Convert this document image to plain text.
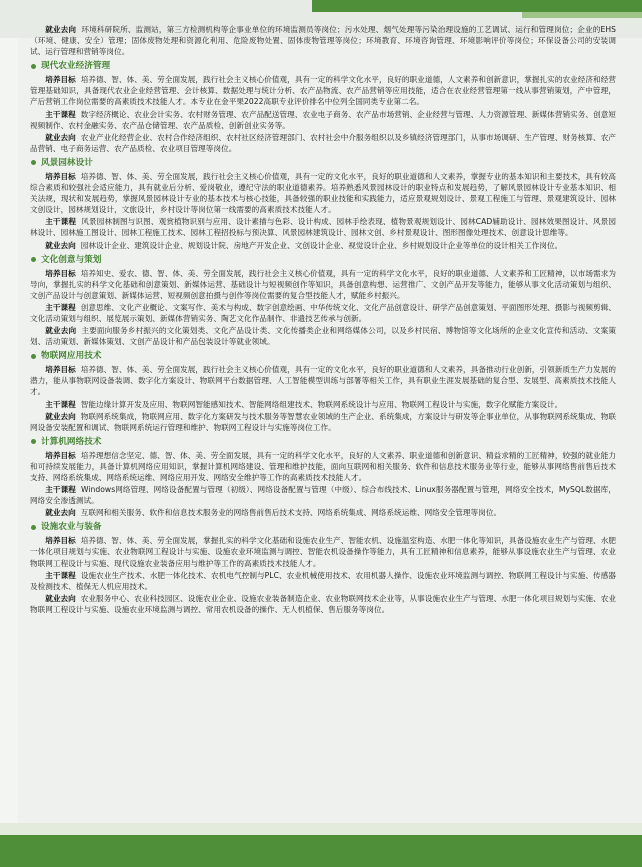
就业去向 环境科研院所、监测站，第三方检测机构等企事业单位的环境监测员等岗位；污水处理、烟气处理等污染治理设施的工艺调试、运行和管理岗位；企业的EHS（环境、健康、安全）管理；固体废物处理和资源化利用、危险废物处置、固体废物管理等岗位；环境教育、环境咨询管理、环境影响评价等岗位；环保设备公司的安装调试、运行管理和营销等岗位。

现代农业经济管理

培养目标 培养德、智、体、美、劳全面发展，践行社会主义核心价值观，具有一定的科学文化水平，良好的职业道德，人文素养和创新意识，掌握扎实的农业经济和经营管理基础知识，具备现代农业企业经营管理、会计核算、数据处理与统计分析、农产品物流、农产品营销等应用技能，适合在农业经营管理第一线从事营销策划，产中管理，产后营销工作岗位需要的高素质技术技能人才。本专业在金平果2022高职专业评价排名中位列全国同类专业第二名。

主干课程 数字经济概论、农业会计实务、农村财务管理、农产品配送管理、农业电子商务、农产品市场营销、企业经营与管理、人力资源管理、新媒体营销实务、创意短视频制作、农村金融实务、农产品仓储管理、农产品质检、创新创业实务等。

就业去向 农业产业化经营企业、农村合作经济组织、农村社区经济管理部门、农村社会中介服务组织以及乡镇经济管理部门，从事市场调研、生产管理、财务核算、农产品营销、电子商务运营、农产品质检、农业项目管理等岗位。

风景园林设计

培养目标 培养德、智、体、美、劳全面发展，践行社会主义核心价值观，具有一定的文化水平，良好的职业道德和人文素养，掌握专业的基本知识和主要技术，具有较高综合素质和较强社会适应能力，具有就业后分析、爱岗敬业，遵纪守法的职业道德素养。培养熟悉风景园林设计的职业特点和发展趋势，了解风景园林设计专业基本知识、相关法规，现状和发展趋势，掌握风景园林设计专业的基本技术与核心技能，具备较强的职业技能和实践能力，适应景观规划设计、景观工程施工与管理、景观建筑设计、园林文创设计，园林规划设计，文旅设计，乡村设计等岗位第一线需要的高素质技术技能人才。

主干课程 风景园林制图与识图、观赏植物识别与应用、设计素描与色彩、设计构成、园林手绘表现、植物景观规划设计、园林CAD辅助设计、园林效果图设计、风景园林设计、园林施工图设计、园林工程施工技术、园林工程招投标与预决算、风景园林建筑设计、园林文创、乡村景观设计、图形图像处理技术、创意设计思维等。

就业去向 园林设计企业、建筑设计企业、规划设计院、房地产开发企业、文创设计企业、视觉设计企业、乡村规划设计企业等单位的设计相关工作岗位。

文化创意与策划

培养目标 培养知史、爱农、德、智、体、美、劳全面发展，践行社会主义核心价值观，具有一定的科学文化水平，良好的职业道德、人文素养和工匠精神，以市场需求为导向，掌握扎实的科学文化基础和创意策划、新媒体运营、基础设计与短视频创作等知识，具备创意构想、运营推广、文创产品开发等能力，能够从事文化活动策划与组织、文创产品设计与创意策划、新媒体运营、短视频创意拍摄与创作等岗位需要的复合型技能人才，赋能乡村振兴。

主干课程 创意思维、文化产业概论、文案写作、美术与构成、数字创意绘画、中华传统文化、文化产品创意设计、研学产品创意策划、平面图形处理、摄影与视频剪辑、文化活动策划与组织、展览展示策划、新媒体营销实务、陶艺文化作品制作、非遗技艺传承与创新。

就业去向 主要面向服务乡村振兴的文化策划类、文化产品设计类、文化传播类企业和网络媒体公司，以及乡村民宿、博物馆等文化场所的企业文化宣传和活动、文案策划、活动策划、新媒体策划、文创产品设计和产品包装设计等就业领域。

物联网应用技术

培养目标 培养德、智、体、美、劳全面发展，践行社会主义核心价值观，具有一定的文化水平，良好的职业道德和人文素养，具备推动行业创新，引领新质生产力发展的潜力，能从事物联网设备装调、数字化方案设计、物联网平台数据管理、人工智能模型训练与部署等相关工作，具有职业生涯发展基础的复合型、发展型、高素质技术技能人才。

主干课程 智能边缘计算开发及应用、物联网智能感知技术、智能网络组建技术、物联网系统设计与应用、物联网工程设计与实施，数字化赋能方案设计。

就业去向 物联网系统集成，物联网应用、数字化方案研发与技术服务等智慧农业领域的生产企业、系统集成，方案设计与研发等企事业单位，从事物联网系统集成、物联网设备安装配置和调试、物联网系统运行管理和维护、物联网工程设计与实施等岗位工作。

计算机网络技术

培养目标 培养理想信念坚定、德、智、体、美、劳全面发展，具有一定的科学文化水平，良好的人文素养、职业道德和创新意识、精益求精的工匠精神，较强的就业能力和可持续发展能力，具备计算机网络应用知识，掌握计算机网络建设、管理和维护技能，面向互联网和相关服务、软件和信息技术服务业等行业，能够从事网络售前售后技术支持、网络系统集成、网络系统运维、网络应用开发、网络安全维护等工作的高素质技术技能人才。

主干课程 Windows网络管理、网络设备配置与管理（初级）、网络设备配置与管理（中级）、综合布线技术、Linux服务器配置与管理，网络安全技术，MySQL数据库，网络安全渗透测试。

就业去向 互联网和相关服务、软件和信息技术服务业的网络售前售后技术支持、网络系统集成、网络系统运维、网络安全管理等岗位。

设施农业与装备

培养目标 培养德、智、体、美、劳全面发展，掌握扎实的科学文化基础和设施农业生产、智能农机、设施温室构造、水肥一体化等知识，具备设施农业生产与管理、水肥一体化项目规划与实施、农业物联网工程设计与实施、设施农业环境监测与调控、智能农机设备操作等能力，具有工匠精神和信息素养，能够从事设施农业生产与管理、农业物联网工程设计与实施、现代设施农业装备应用与维护等工作的高素质技术技能人才。

主干课程 设施农业生产技术、水肥一体化技术、农机电气控制与PLC、农业机械使用技术、农用机器人操作、设施农业环境监测与调控、物联网工程设计与实施、传感器及检测技术、植保无人机应用技术。

就业去向 农业服务中心、农业科技园区、设施农业企业、设施农业装备制造企业、农业物联网技术企业等，从事设施农业生产与管理、水肥一体化项目规划与实施、农业物联网工程设计与实施、设施农业环境监测与调控、常用农机设备的操作、无人机植保、售后服务等岗位。
